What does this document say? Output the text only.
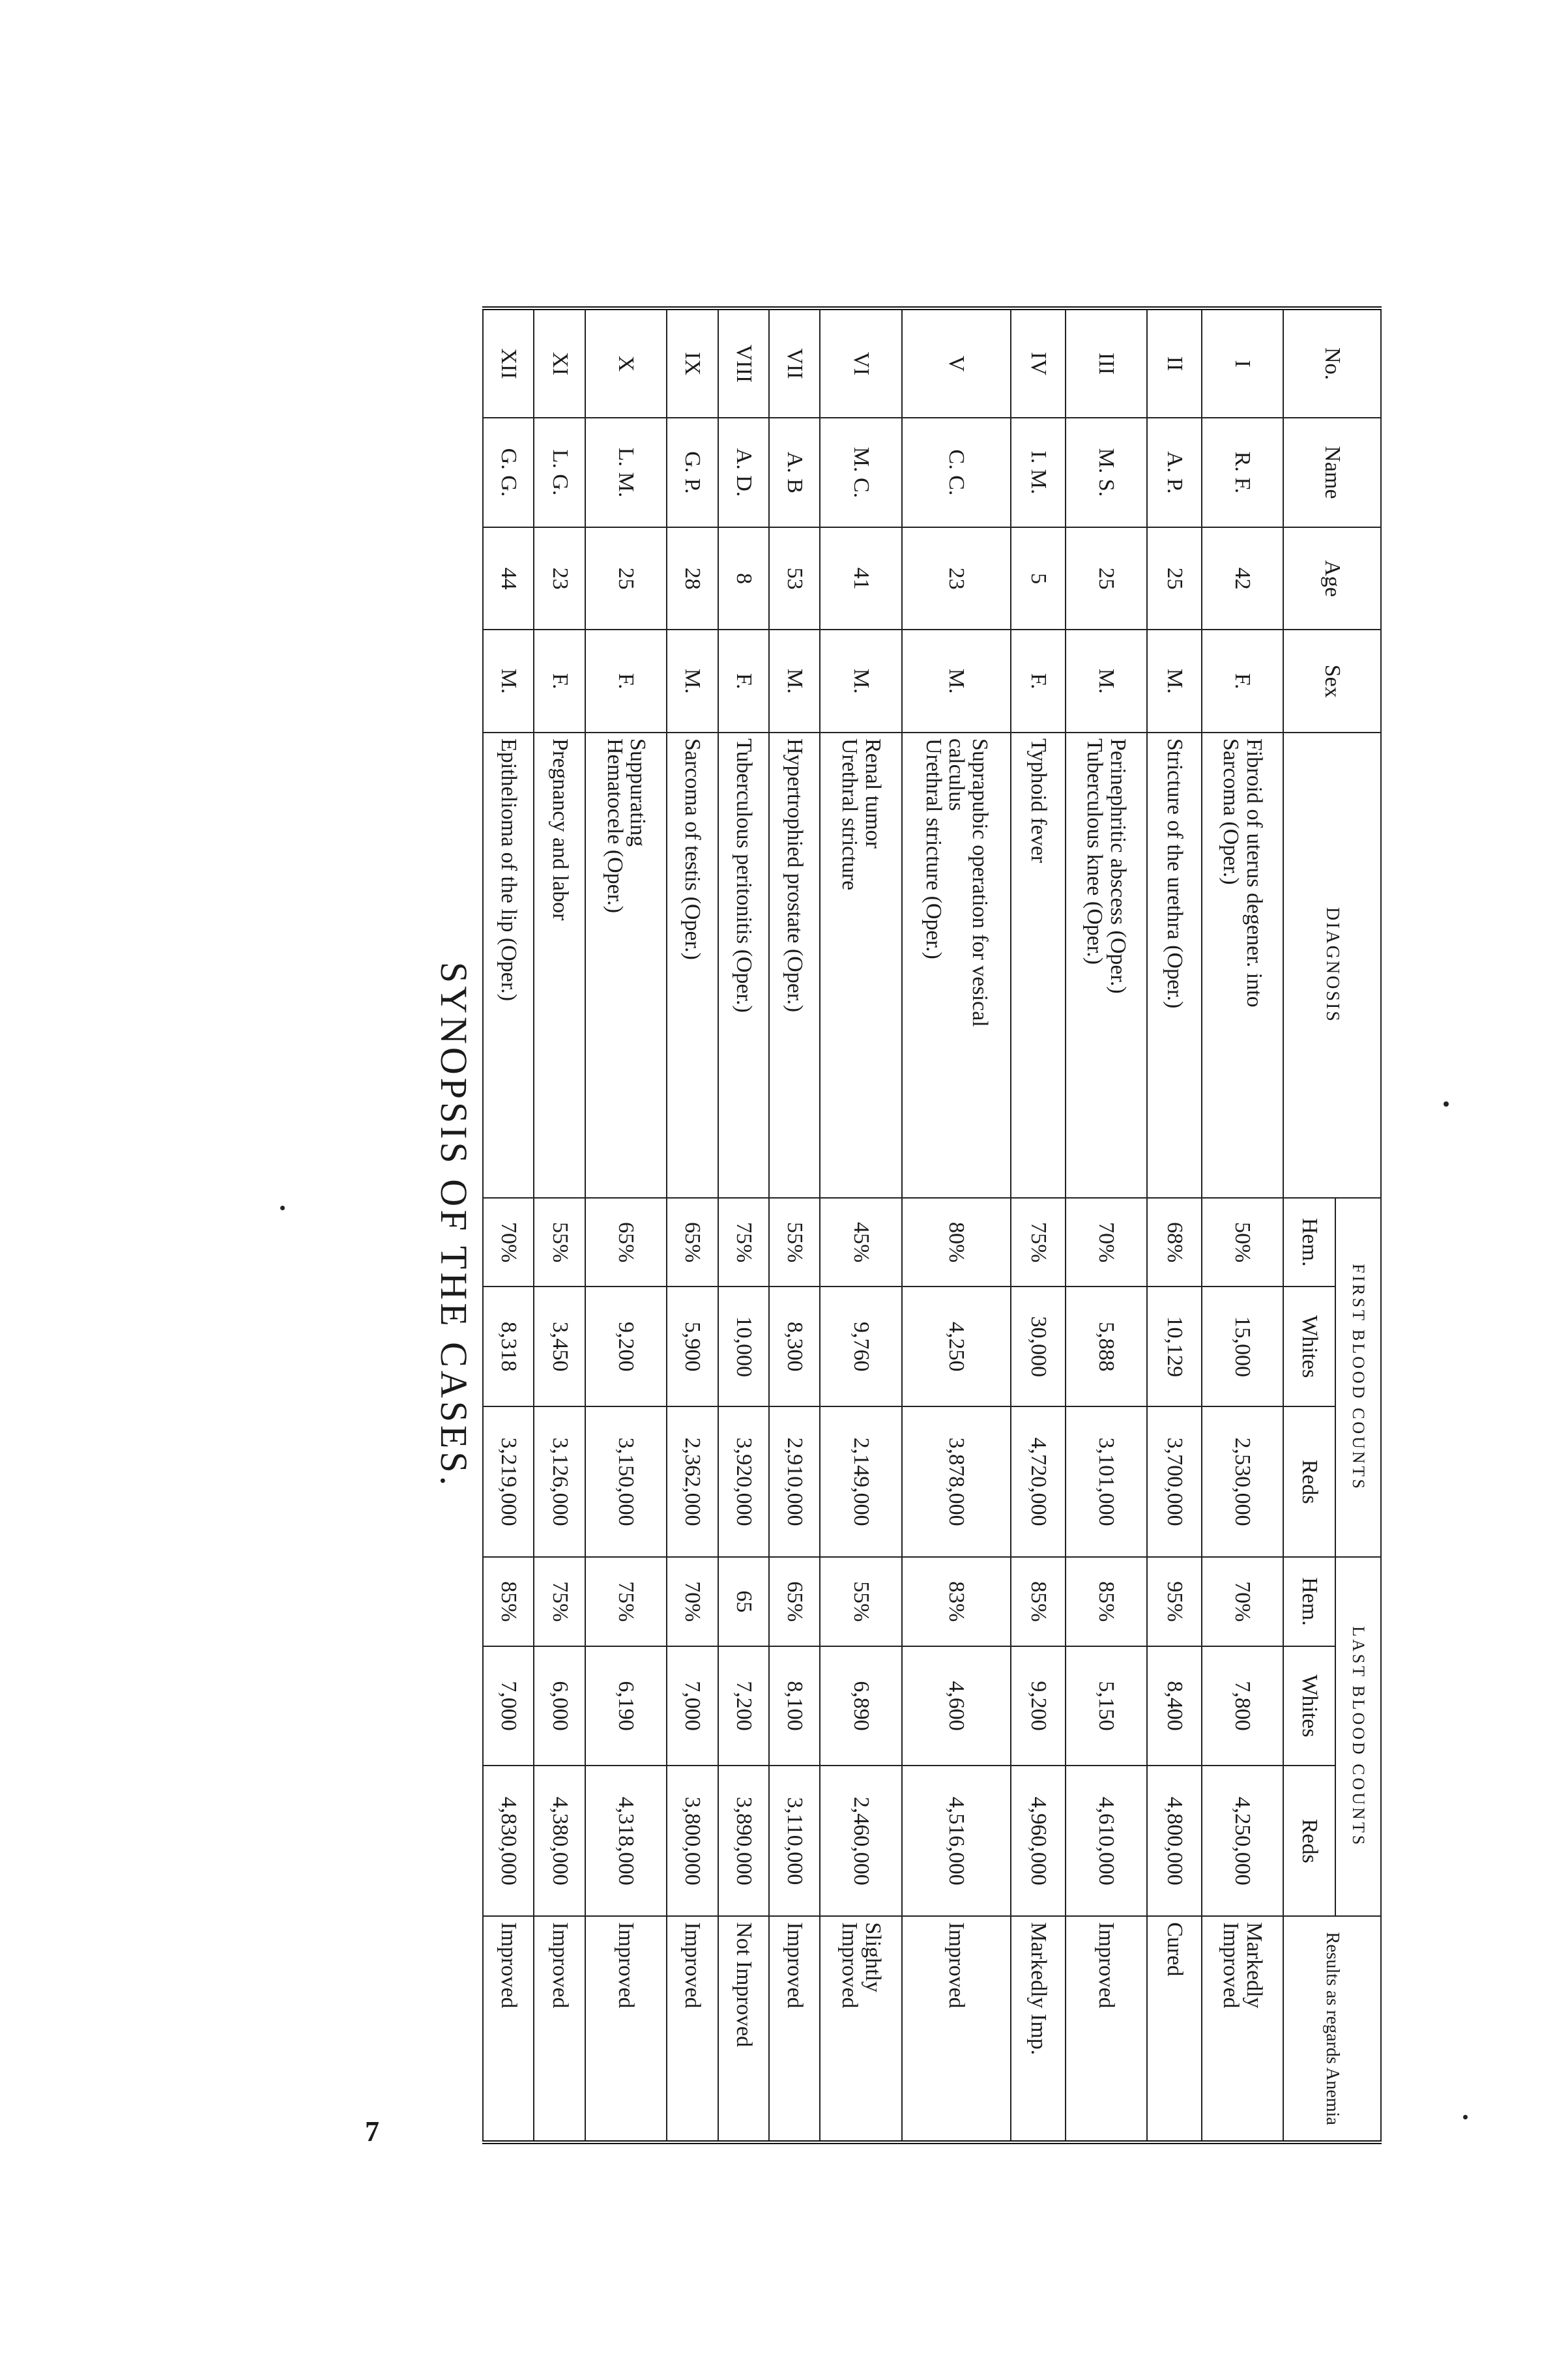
7
No.	Name	Age	Sex	DIAGNOSIS	FIRST BLOOD COUNTS			LAST BLOOD COUNTS			Results as regards Anemia
					Hem.	Whites	Reds	Hem.	Whites	Reds	
I	R. F.	42	F.	Fibroid of uterus degener. into
Sarcoma (Oper.)	50%	15,000	2,530,000	70%	7,800	4,250,000	Markedly
Improved
II	A. P.	25	M.	Stricture of the urethra (Oper.)	68%	10,129	3,700,000	95%	8,400	4,800,000	Cured
III	M. S.	25	M.	Perinephritic abscess (Oper.)
Tuberculous knee (Oper.)	70%	5,888	3,101,000	85%	5,150	4,610,000	Improved
IV	I. M.	5	F.	Typhoid fever	75%	30,000	4,720,000	85%	9,200	4,960,000	Markedly Imp.
V	C. C.	23	M.	Suprapubic operation for vesical
calculus
Urethral stricture (Oper.)	80%	4,250	3,878,000	83%	4,600	4,516,000	Improved
VI	M. C.	41	M.	Renal tumor
Urethral stricture	45%	9,760	2,149,000	55%	6,890	2,460,000	Slightly
Improved
VII	A. B	53	M.	Hypertrophied prostate (Oper.)	55%	8,300	2,910,000	65%	8,100	3,110,000	Improved
VIII	A. D.	8	F.	Tuberculous peritonitis (Oper.)	75%	10,000	3,920,000	65	7,200	3,890,000	Not Improved
IX	G. P.	28	M.	Sarcoma of testis (Oper.)	65%	5,900	2,362,000	70%	7,000	3,800,000	Improved
X	L. M.	25	F.	Suppurating
Hematocele (Oper.)	65%	9,200	3,150,000	75%	6,190	4,318,000	Improved
XI	L. G.	23	F.	Pregnancy and labor	55%	3,450	3,126,000	75%	6,000	4,380,000	Improved
XII	G. G.	44	M.	Epithelioma of the lip (Oper.)	70%	8,318	3,219,000	85%	7,000	4,830,000	Improved
SYNOPSIS OF THE CASES.
